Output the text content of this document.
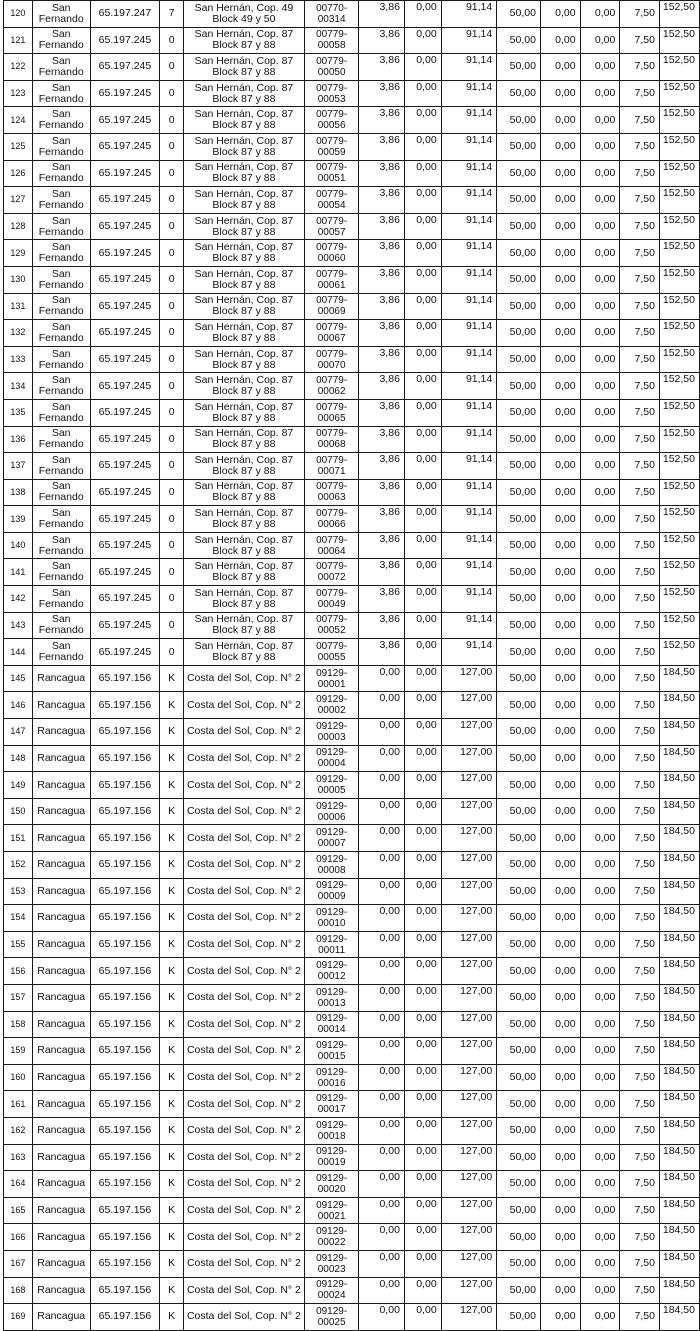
120	San Fernando	65.197.247	7	San Hernán, Cop. 49 Block 49 y 50	00770-00314	3,86	0,00	91,14	50,00	0,00	0,00	7,50	152,50
121	San Fernando	65.197.245	0	San Hernán, Cop. 87 Block 87 y 88	00779-00058	3,86	0,00	91,14	50,00	0,00	0,00	7,50	152,50
122	San Fernando	65.197.245	0	San Hernán, Cop. 87 Block 87 y 88	00779-00050	3,86	0,00	91,14	50,00	0,00	0,00	7,50	152,50
123	San Fernando	65.197.245	0	San Hernán, Cop. 87 Block 87 y 88	00779-00053	3,86	0,00	91,14	50,00	0,00	0,00	7,50	152,50
124	San Fernando	65.197.245	0	San Hernán, Cop. 87 Block 87 y 88	00779-00056	3,86	0,00	91,14	50,00	0,00	0,00	7,50	152,50
125	San Fernando	65.197.245	0	San Hernán, Cop. 87 Block 87 y 88	00779-00059	3,86	0,00	91,14	50,00	0,00	0,00	7,50	152,50
126	San Fernando	65.197.245	0	San Hernán, Cop. 87 Block 87 y 88	00779-00051	3,86	0,00	91,14	50,00	0,00	0,00	7,50	152,50
127	San Fernando	65.197.245	0	San Hernán, Cop. 87 Block 87 y 88	00779-00054	3,86	0,00	91,14	50,00	0,00	0,00	7,50	152,50
128	San Fernando	65.197.245	0	San Hernán, Cop. 87 Block 87 y 88	00779-00057	3,86	0,00	91,14	50,00	0,00	0,00	7,50	152,50
129	San Fernando	65.197.245	0	San Hernán, Cop. 87 Block 87 y 88	00779-00060	3,86	0,00	91,14	50,00	0,00	0,00	7,50	152,50
130	San Fernando	65.197.245	0	San Hernán, Cop. 87 Block 87 y 88	00779-00061	3,86	0,00	91,14	50,00	0,00	0,00	7,50	152,50
131	San Fernando	65.197.245	0	San Hernán, Cop. 87 Block 87 y 88	00779-00069	3,86	0,00	91,14	50,00	0,00	0,00	7,50	152,50
132	San Fernando	65.197.245	0	San Hernán, Cop. 87 Block 87 y 88	00779-00067	3,86	0,00	91,14	50,00	0,00	0,00	7,50	152,50
133	San Fernando	65.197.245	0	San Hernán, Cop. 87 Block 87 y 88	00779-00070	3,86	0,00	91,14	50,00	0,00	0,00	7,50	152,50
134	San Fernando	65.197.245	0	San Hernán, Cop. 87 Block 87 y 88	00779-00062	3,86	0,00	91,14	50,00	0,00	0,00	7,50	152,50
135	San Fernando	65.197.245	0	San Hernán, Cop. 87 Block 87 y 88	00779-00065	3,86	0,00	91,14	50,00	0,00	0,00	7,50	152,50
136	San Fernando	65.197.245	0	San Hernán, Cop. 87 Block 87 y 88	00779-00068	3,86	0,00	91,14	50,00	0,00	0,00	7,50	152,50
137	San Fernando	65.197.245	0	San Hernán, Cop. 87 Block 87 y 88	00779-00071	3,86	0,00	91,14	50,00	0,00	0,00	7,50	152,50
138	San Fernando	65.197.245	0	San Hernán, Cop. 87 Block 87 y 88	00779-00063	3,86	0,00	91,14	50,00	0,00	0,00	7,50	152,50
139	San Fernando	65.197.245	0	San Hernán, Cop. 87 Block 87 y 88	00779-00066	3,86	0,00	91,14	50,00	0,00	0,00	7,50	152,50
140	San Fernando	65.197.245	0	San Hernán, Cop. 87 Block 87 y 88	00779-00064	3,86	0,00	91,14	50,00	0,00	0,00	7,50	152,50
141	San Fernando	65.197.245	0	San Hernán, Cop. 87 Block 87 y 88	00779-00072	3,86	0,00	91,14	50,00	0,00	0,00	7,50	152,50
142	San Fernando	65.197.245	0	San Hernán, Cop. 87 Block 87 y 88	00779-00049	3,86	0,00	91,14	50,00	0,00	0,00	7,50	152,50
143	San Fernando	65.197.245	0	San Hernán, Cop. 87 Block 87 y 88	00779-00052	3,86	0,00	91,14	50,00	0,00	0,00	7,50	152,50
144	San Fernando	65.197.245	0	San Hernán, Cop. 87 Block 87 y 88	00779-00055	3,86	0,00	91,14	50,00	0,00	0,00	7,50	152,50
145	Rancagua	65.197.156	K	Costa del Sol, Cop. N° 2	09129-00001	0,00	0,00	127,00	50,00	0,00	0,00	7,50	184,50
146	Rancagua	65.197.156	K	Costa del Sol, Cop. N° 2	09129-00002	0,00	0,00	127,00	50,00	0,00	0,00	7,50	184,50
147	Rancagua	65.197.156	K	Costa del Sol, Cop. N° 2	09129-00003	0,00	0,00	127,00	50,00	0,00	0,00	7,50	184,50
148	Rancagua	65.197.156	K	Costa del Sol, Cop. N° 2	09129-00004	0,00	0,00	127,00	50,00	0,00	0,00	7,50	184,50
149	Rancagua	65.197.156	K	Costa del Sol, Cop. N° 2	09129-00005	0,00	0,00	127,00	50,00	0,00	0,00	7,50	184,50
150	Rancagua	65.197.156	K	Costa del Sol, Cop. N° 2	09129-00006	0,00	0,00	127,00	50,00	0,00	0,00	7,50	184,50
151	Rancagua	65.197.156	K	Costa del Sol, Cop. N° 2	09129-00007	0,00	0,00	127,00	50,00	0,00	0,00	7,50	184,50
152	Rancagua	65.197.156	K	Costa del Sol, Cop. N° 2	09129-00008	0,00	0,00	127,00	50,00	0,00	0,00	7,50	184,50
153	Rancagua	65.197.156	K	Costa del Sol, Cop. N° 2	09129-00009	0,00	0,00	127,00	50,00	0,00	0,00	7,50	184,50
154	Rancagua	65.197.156	K	Costa del Sol, Cop. N° 2	09129-00010	0,00	0,00	127,00	50,00	0,00	0,00	7,50	184,50
155	Rancagua	65.197.156	K	Costa del Sol, Cop. N° 2	09129-00011	0,00	0,00	127,00	50,00	0,00	0,00	7,50	184,50
156	Rancagua	65.197.156	K	Costa del Sol, Cop. N° 2	09129-00012	0,00	0,00	127,00	50,00	0,00	0,00	7,50	184,50
157	Rancagua	65.197.156	K	Costa del Sol, Cop. N° 2	09129-00013	0,00	0,00	127,00	50,00	0,00	0,00	7,50	184,50
158	Rancagua	65.197.156	K	Costa del Sol, Cop. N° 2	09129-00014	0,00	0,00	127,00	50,00	0,00	0,00	7,50	184,50
159	Rancagua	65.197.156	K	Costa del Sol, Cop. N° 2	09129-00015	0,00	0,00	127,00	50,00	0,00	0,00	7,50	184,50
160	Rancagua	65.197.156	K	Costa del Sol, Cop. N° 2	09129-00016	0,00	0,00	127,00	50,00	0,00	0,00	7,50	184,50
161	Rancagua	65.197.156	K	Costa del Sol, Cop. N° 2	09129-00017	0,00	0,00	127,00	50,00	0,00	0,00	7,50	184,50
162	Rancagua	65.197.156	K	Costa del Sol, Cop. N° 2	09129-00018	0,00	0,00	127,00	50,00	0,00	0,00	7,50	184,50
163	Rancagua	65.197.156	K	Costa del Sol, Cop. N° 2	09129-00019	0,00	0,00	127,00	50,00	0,00	0,00	7,50	184,50
164	Rancagua	65.197.156	K	Costa del Sol, Cop. N° 2	09129-00020	0,00	0,00	127,00	50,00	0,00	0,00	7,50	184,50
165	Rancagua	65.197.156	K	Costa del Sol, Cop. N° 2	09129-00021	0,00	0,00	127,00	50,00	0,00	0,00	7,50	184,50
166	Rancagua	65.197.156	K	Costa del Sol, Cop. N° 2	09129-00022	0,00	0,00	127,00	50,00	0,00	0,00	7,50	184,50
167	Rancagua	65.197.156	K	Costa del Sol, Cop. N° 2	09129-00023	0,00	0,00	127,00	50,00	0,00	0,00	7,50	184,50
168	Rancagua	65.197.156	K	Costa del Sol, Cop. N° 2	09129-00024	0,00	0,00	127,00	50,00	0,00	0,00	7,50	184,50
169	Rancagua	65.197.156	K	Costa del Sol, Cop. N° 2	09129-00025	0,00	0,00	127,00	50,00	0,00	0,00	7,50	184,50
